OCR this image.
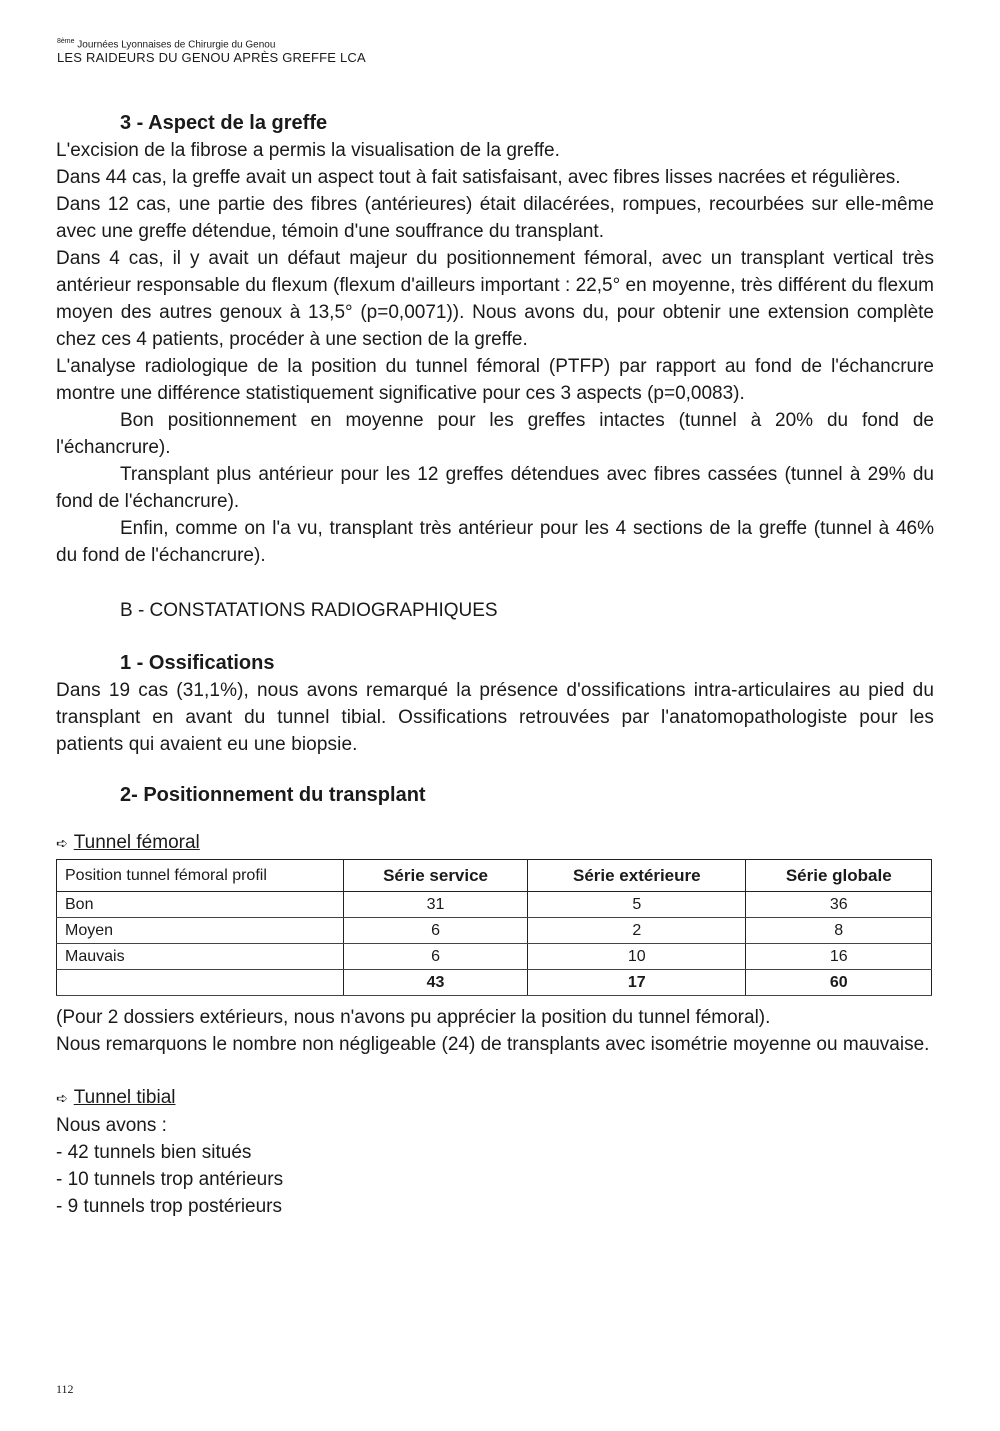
$^{8ème}$ Journées Lyonnaises de Chirurgie du Genou
LES RAIDEURS DU GENOU APRÈS GREFFE LCA
3 - Aspect de la greffe

L'excision de la fibrose a permis la visualisation de la greffe.

Dans 44 cas, la greffe avait un aspect tout à fait satisfaisant, avec fibres lisses nacrées et régulières.

Dans 12 cas, une partie des fibres (antérieures) était dilacérées, rompues, recourbées sur elle-même avec une greffe détendue, témoin d'une souffrance du transplant.

Dans 4 cas, il y avait un défaut majeur du positionnement fémoral, avec un transplant vertical très antérieur responsable du flexum (flexum d'ailleurs important : 22,5° en moyenne, très différent du flexum moyen des autres genoux à 13,5° (p=0,0071)). Nous avons du, pour obtenir une extension complète chez ces 4 patients, procéder à une section de la greffe.

L'analyse radiologique de la position du tunnel fémoral (PTFP) par rapport au fond de l'échancrure montre une différence statistiquement significative pour ces 3 aspects (p=0,0083).

Bon positionnement en moyenne pour les greffes intactes (tunnel à 20% du fond de l'échancrure).

Transplant plus antérieur pour les 12 greffes détendues avec fibres cassées (tunnel à 29% du fond de l'échancrure).

Enfin, comme on l'a vu, transplant très antérieur pour les 4 sections de la greffe (tunnel à 46% du fond de l'échancrure).

B - CONSTATATIONS RADIOGRAPHIQUES
1 - Ossifications

Dans 19 cas (31,1%), nous avons remarqué la présence d'ossifications intra-articulaires au pied du transplant en avant du tunnel tibial. Ossifications retrouvées par l'anatomopathologiste pour les patients qui avaient eu une biopsie.

2- Positionnement du transplant
➪ Tunnel fémoral
Position tunnel fémoral profil	Série service	Série extérieure	Série globale
Bon	31	5	36
Moyen	6	2	8
Mauvais	6	10	16
	43	17	60

(Pour 2 dossiers extérieurs, nous n'avons pu apprécier la position du tunnel fémoral).

Nous remarquons le nombre non négligeable (24) de transplants avec isométrie moyenne ou mauvaise.

➪ Tunnel tibial

Nous avons :

- 42 tunnels bien situés

- 10 tunnels trop antérieurs

- 9 tunnels trop postérieurs

112
